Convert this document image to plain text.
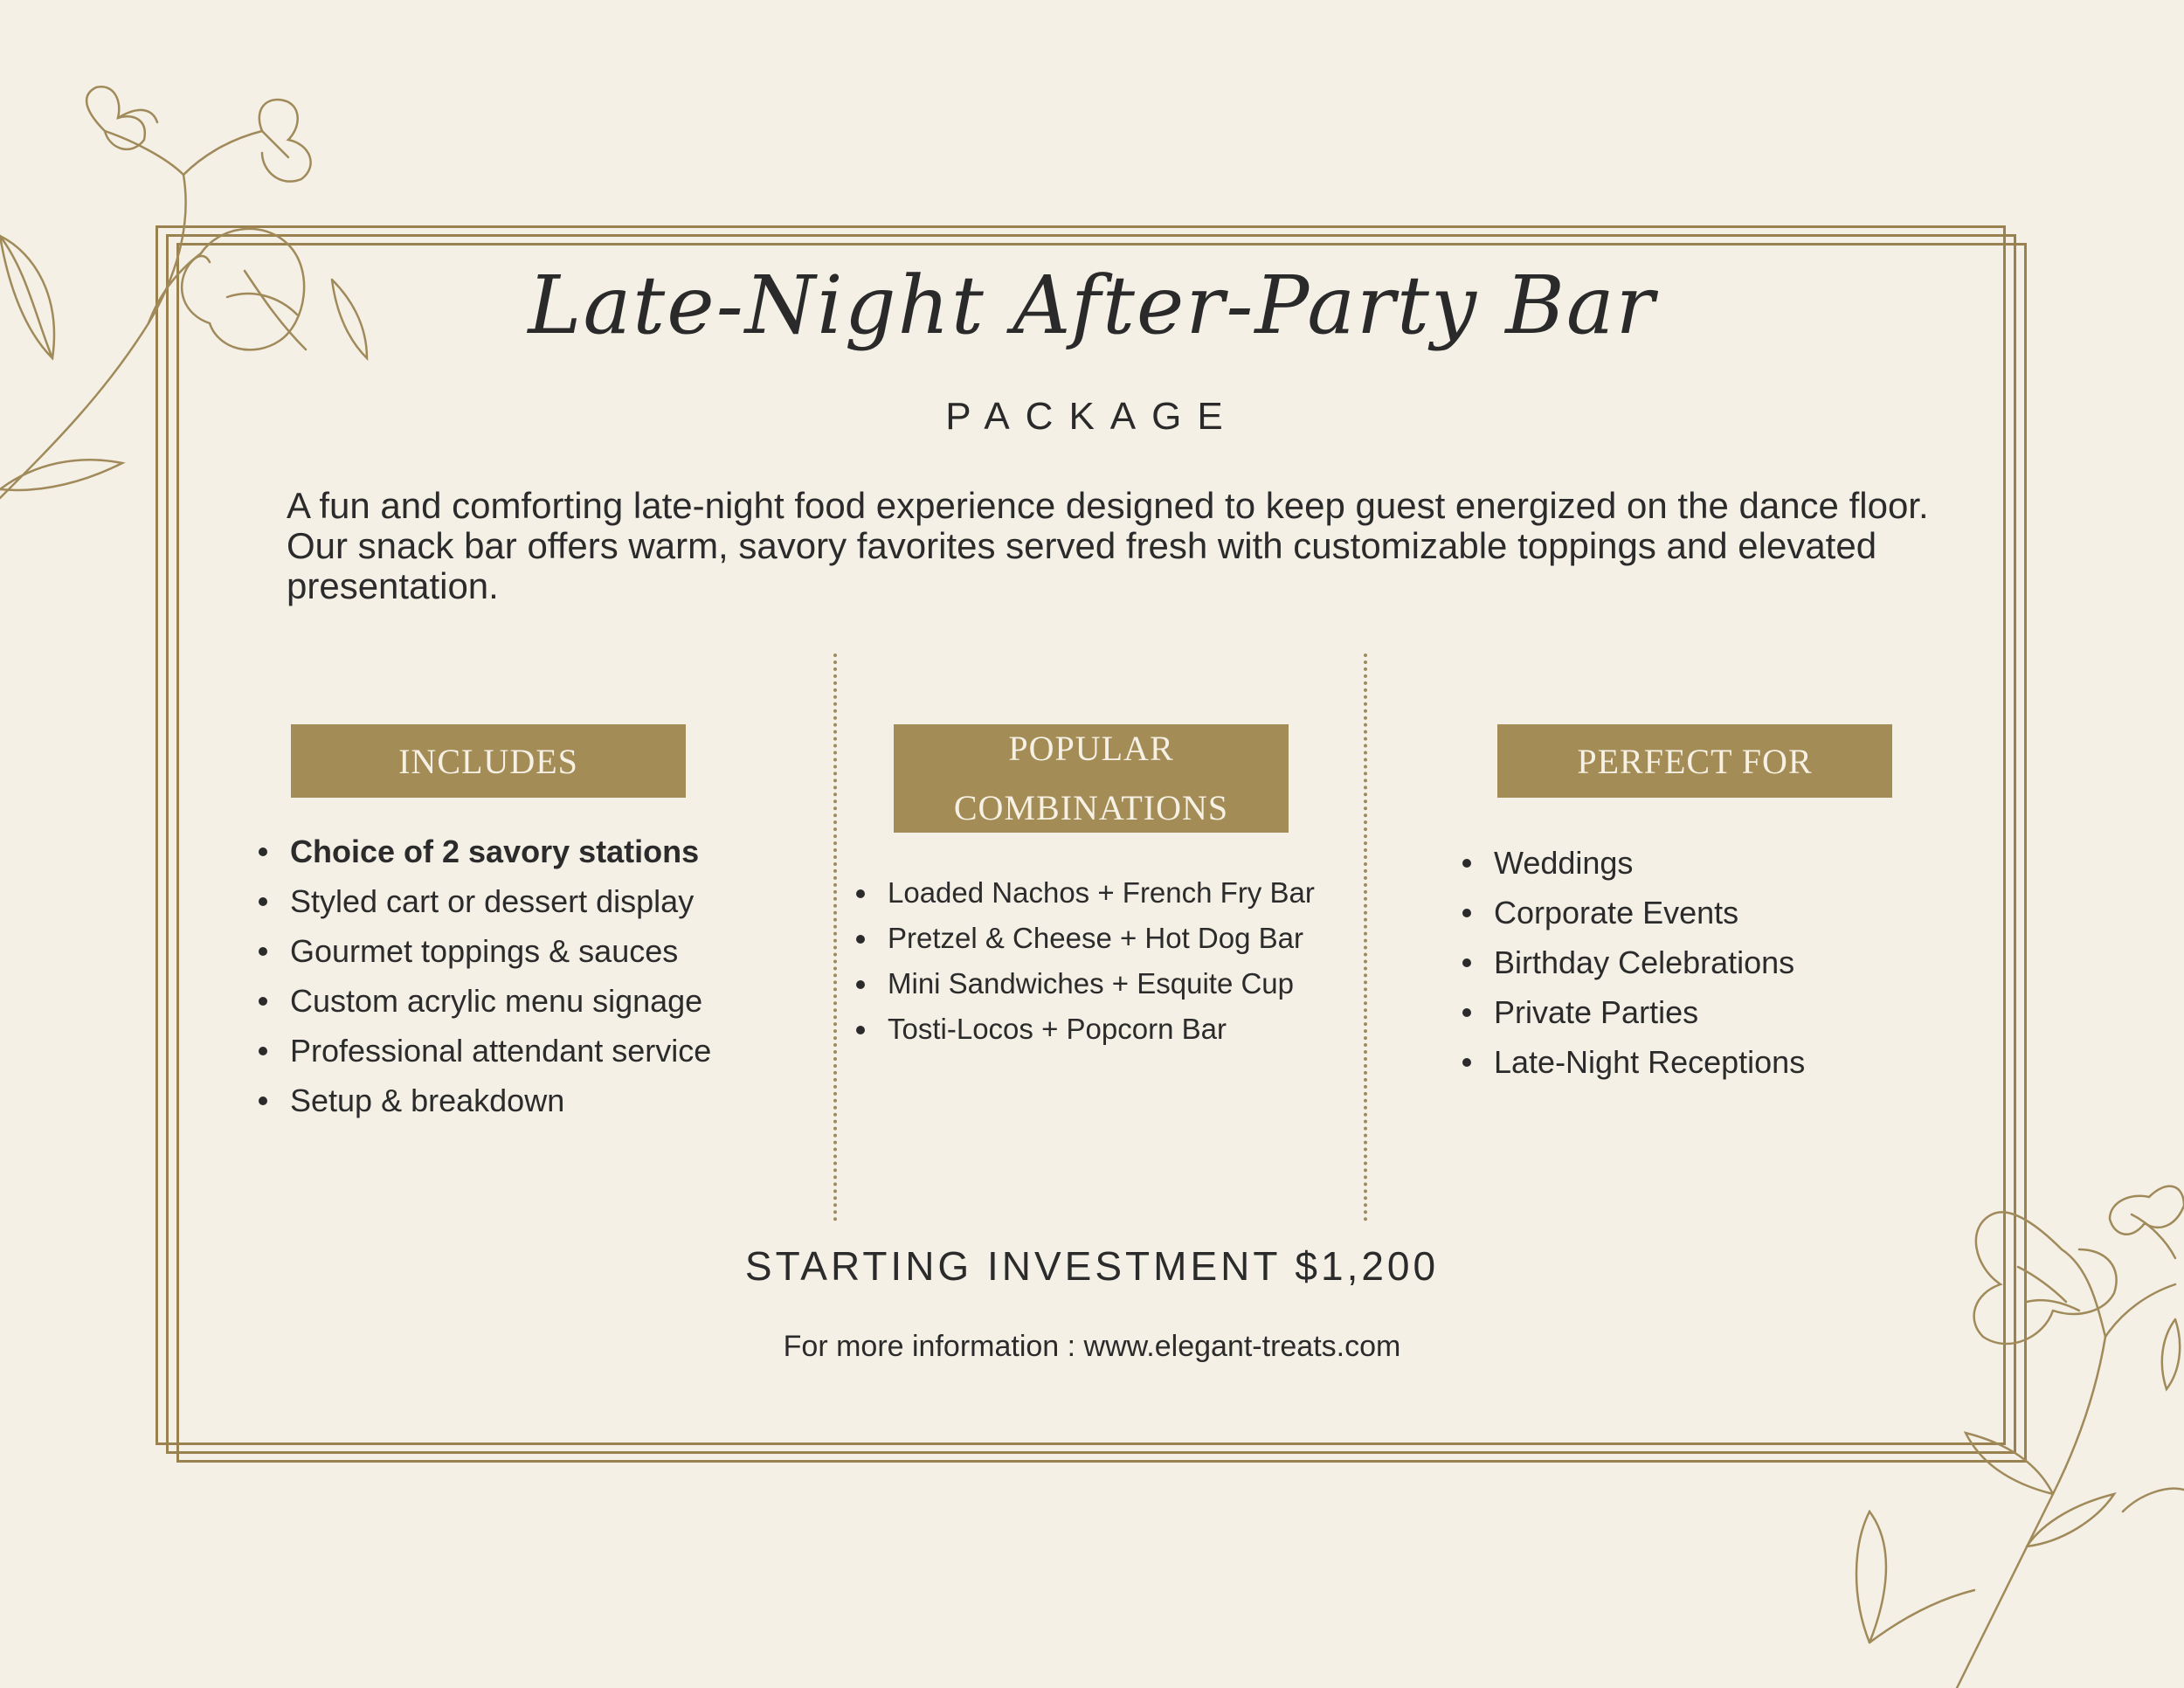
Late-Night After-Party Bar
PACKAGE
A fun and comforting late-night food experience designed to keep guest energized on the dance floor. Our snack bar offers warm, savory favorites served fresh with customizable toppings and elevated presentation.
INCLUDES	POPULAR
COMBINATIONS
PERFECT FOR
Choice of 2 savory stations
Styled cart or dessert display
Gourmet toppings & sauces
Custom acrylic menu signage
Professional attendant service
Setup & breakdown
Loaded Nachos + French Fry Bar
Pretzel & Cheese + Hot Dog Bar
Mini Sandwiches + Esquite Cup
Tosti-Locos + Popcorn Bar
Weddings
Corporate Events
Birthday Celebrations
Private Parties
Late-Night Receptions
STARTING INVESTMENT $1,200
For more information : www.elegant-treats.com
